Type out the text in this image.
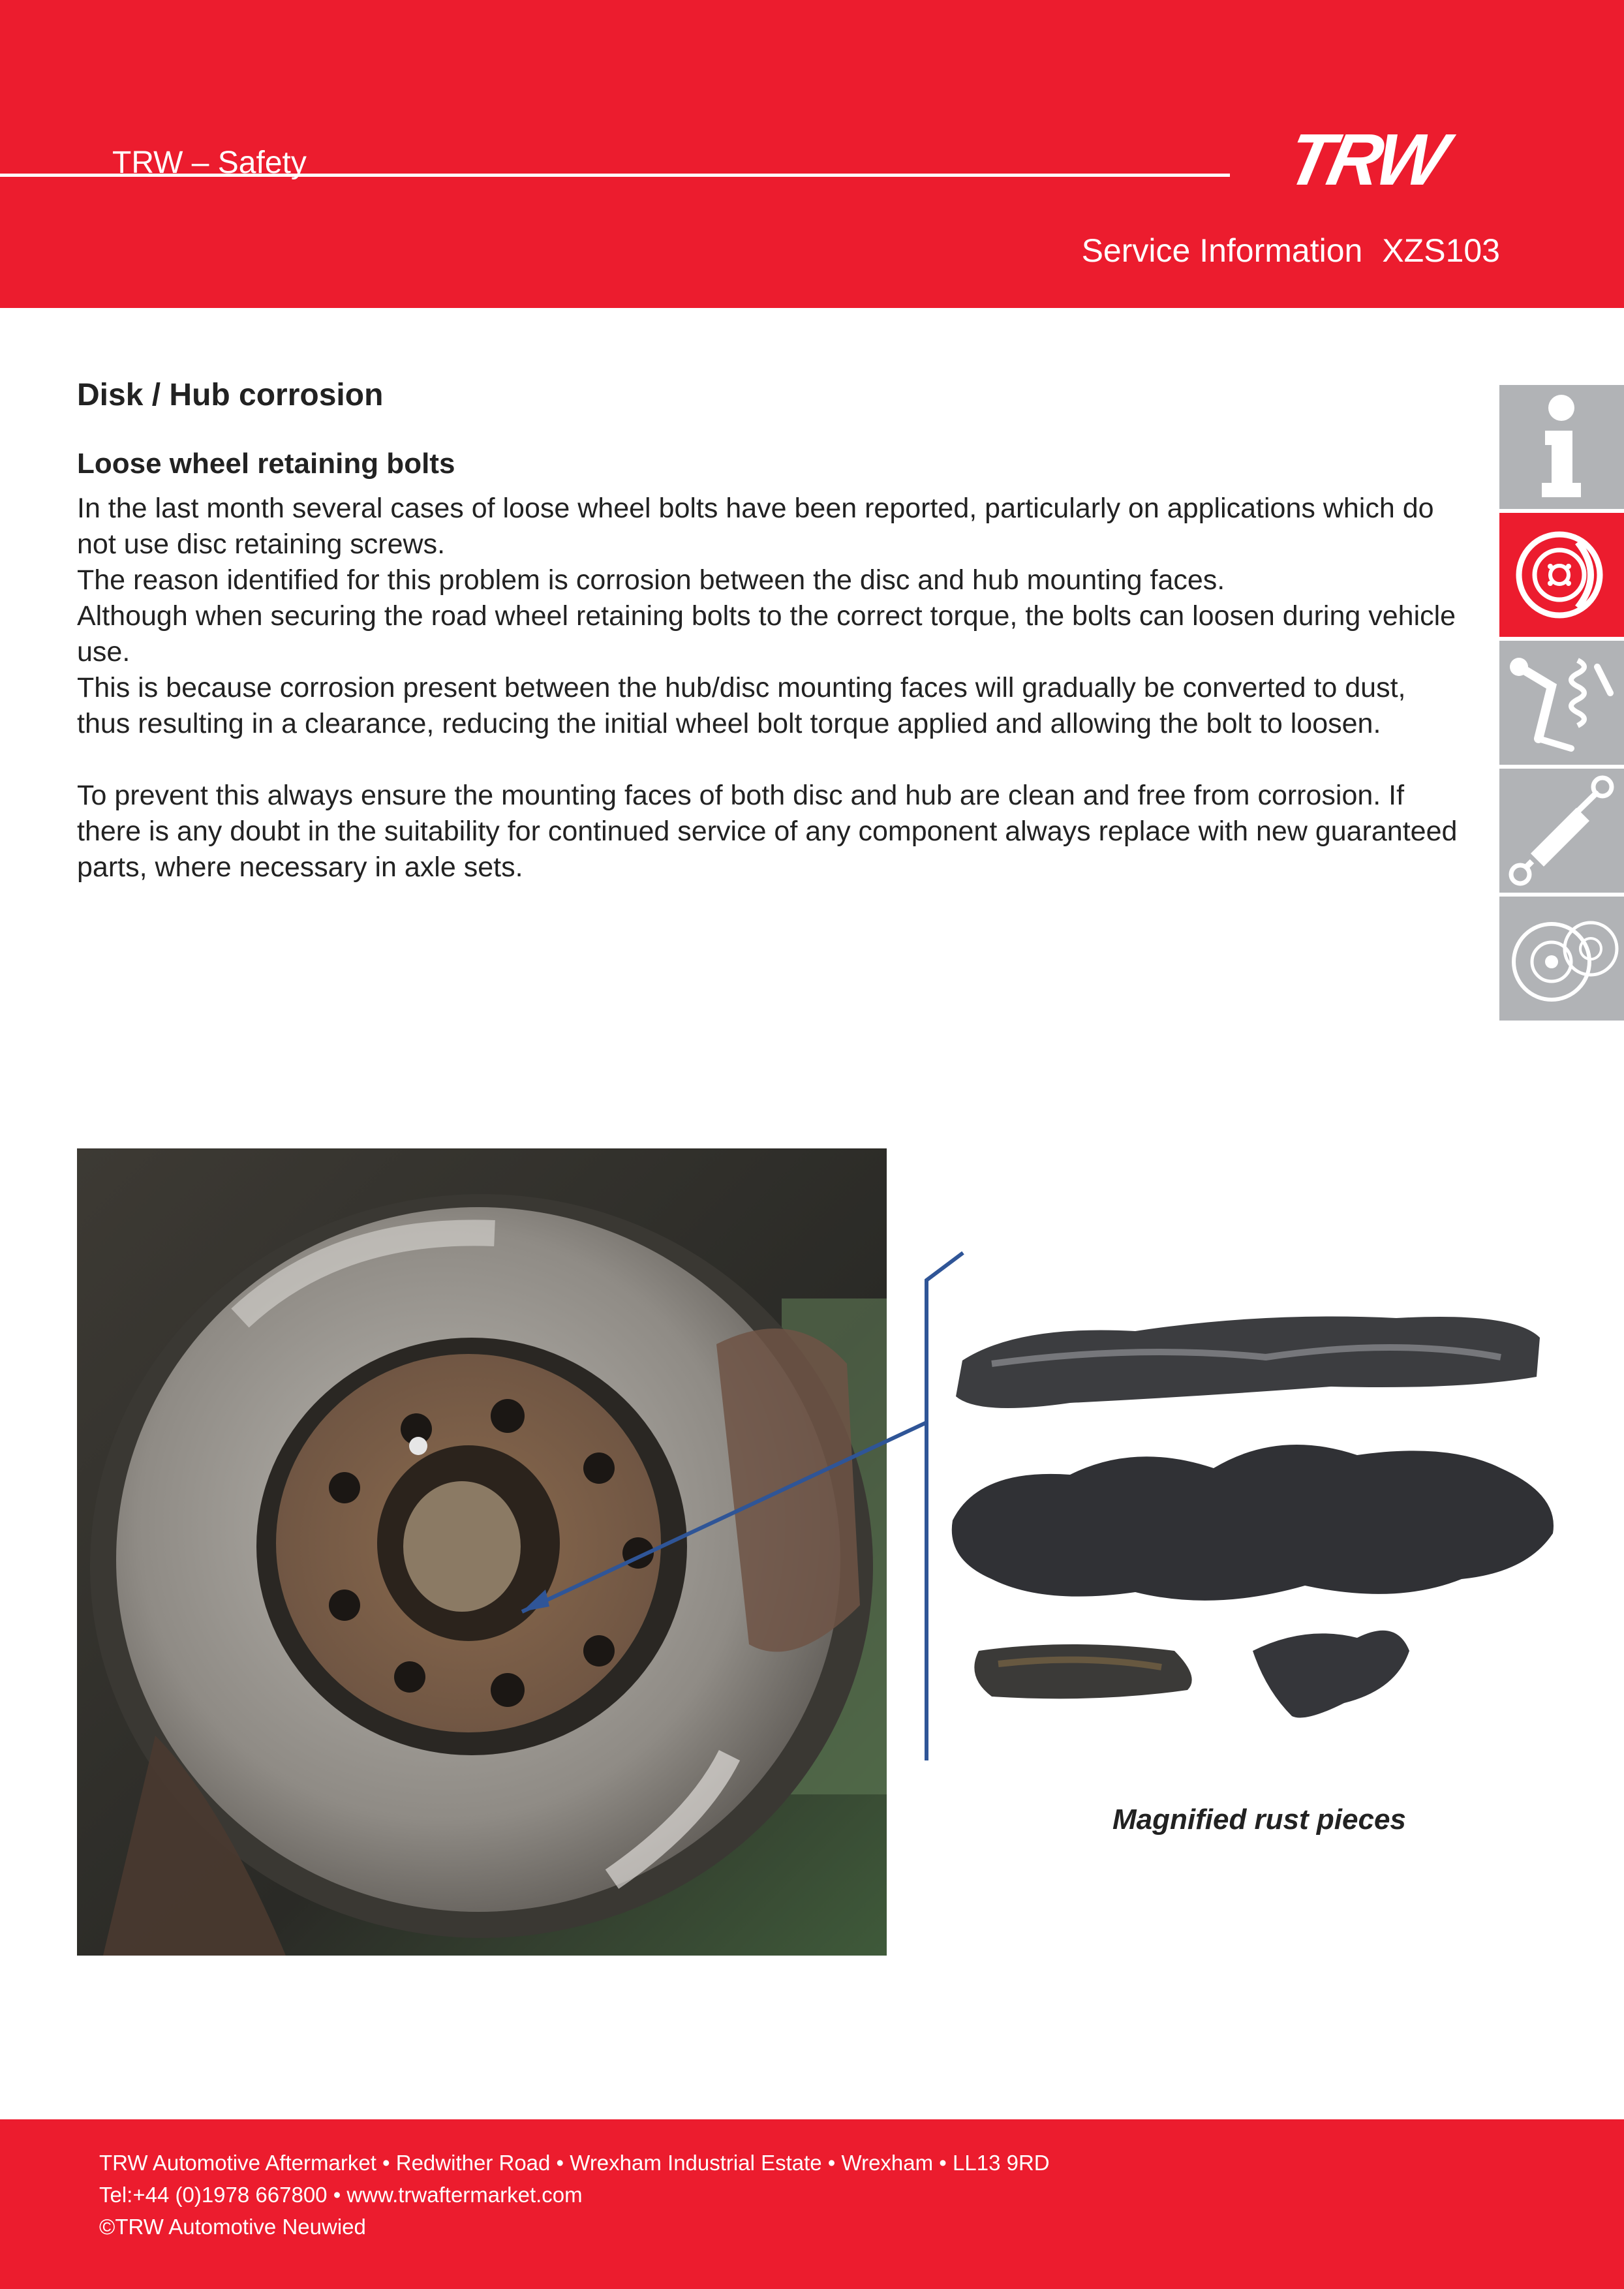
TRW – Safety	TRW
Service Information XZS103
Disk / Hub corrosion
Loose wheel retaining bolts

In the last month several cases of loose wheel bolts have been reported, particularly on applications which do not use disc retaining screws.

The reason identified for this problem is corrosion between the disc and hub mounting faces.

Although when securing the road wheel retaining bolts to the correct torque, the bolts can loosen during vehicle use.

This is because corrosion present between the hub/disc mounting faces will gradually be converted to dust, thus resulting in a clearance, reducing the initial wheel bolt torque applied and allowing the bolt to loosen.

To prevent this always ensure the mounting faces of both disc and hub are clean and free from corrosion. If there is any doubt in the suitability for continued service of any component always replace with new guaranteed parts, where necessary in axle sets.

Magnified rust pieces
TRW Automotive Aftermarket • Redwither Road • Wrexham Industrial Estate • Wrexham • LL13 9RD
Tel:+44 (0)1978 667800 • www.trwaftermarket.com
©TRW Automotive Neuwied
